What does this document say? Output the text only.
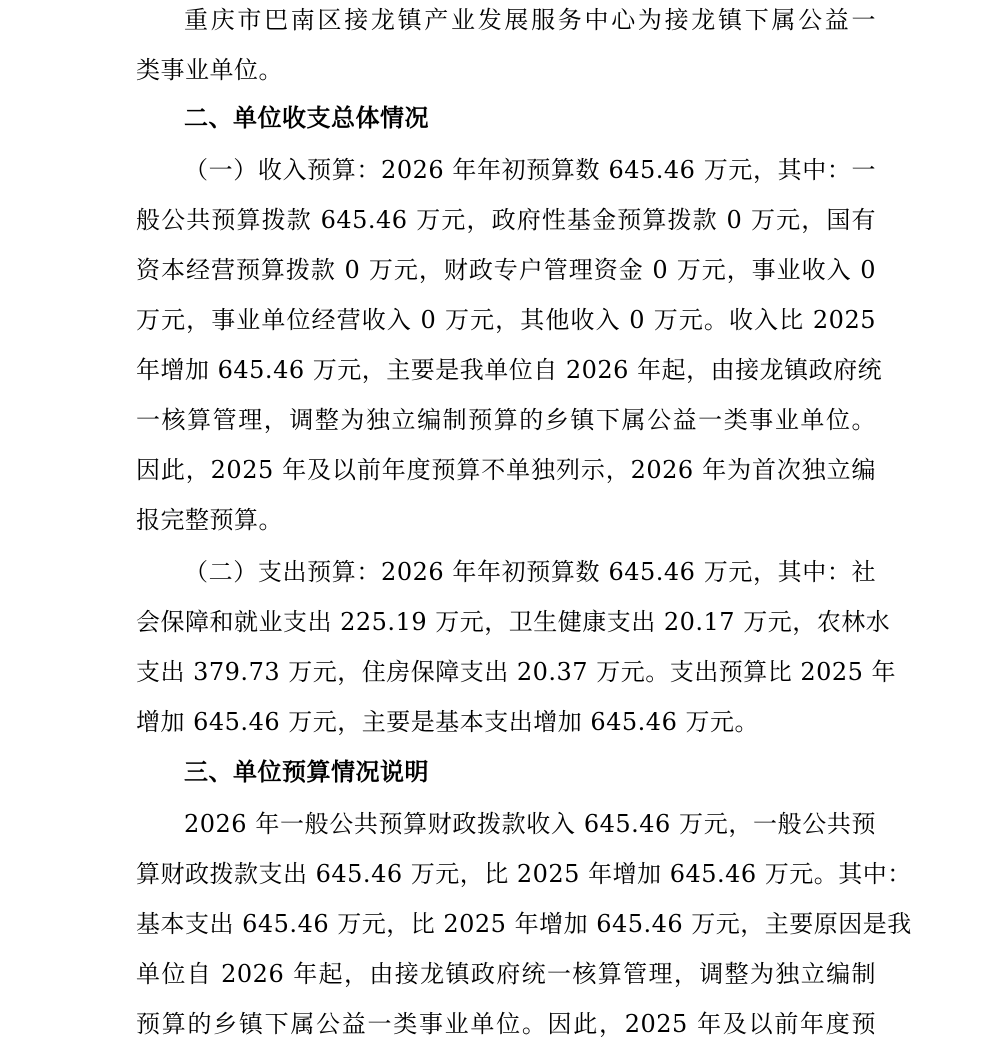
重庆市巴南区接龙镇产业发展服务中心为接龙镇下属公益一
类事业单位。
二、单位收支总体情况
（一）收入预算：2026 年年初预算数 645.46 万元，其中：一
般公共预算拨款 645.46 万元，政府性基金预算拨款 0 万元，国有
资本经营预算拨款 0 万元，财政专户管理资金 0 万元，事业收入 0
万元，事业单位经营收入 0 万元，其他收入 0 万元。收入比 2025
年增加 645.46 万元，主要是我单位自 2026 年起，由接龙镇政府统
一核算管理，调整为独立编制预算的乡镇下属公益一类事业单位。
因此，2025 年及以前年度预算不单独列示，2026 年为首次独立编
报完整预算。
（二）支出预算：2026 年年初预算数 645.46 万元，其中：社
会保障和就业支出 225.19 万元，卫生健康支出 20.17 万元，农林水
支出 379.73 万元，住房保障支出 20.37 万元。支出预算比 2025 年
增加 645.46 万元，主要是基本支出增加 645.46 万元。
三、单位预算情况说明
2026 年一般公共预算财政拨款收入 645.46 万元，一般公共预
算财政拨款支出 645.46 万元，比 2025 年增加 645.46 万元。其中：
基本支出 645.46 万元，比 2025 年增加 645.46 万元，主要原因是我
单位自 2026 年起，由接龙镇政府统一核算管理，调整为独立编制
预算的乡镇下属公益一类事业单位。因此，2025 年及以前年度预
